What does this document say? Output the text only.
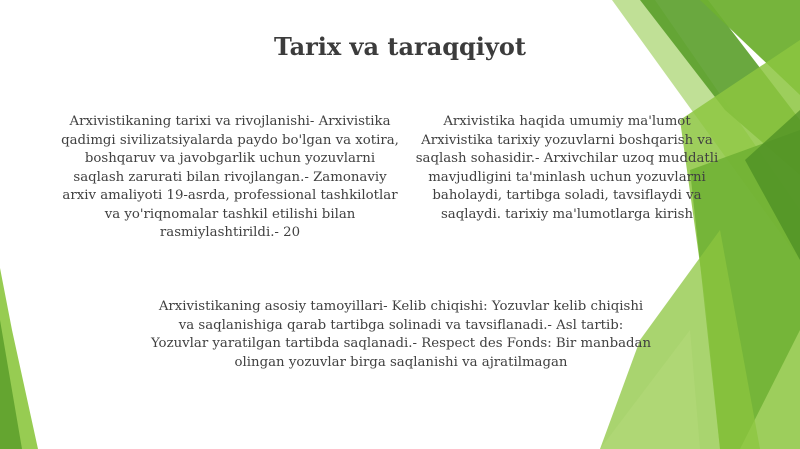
Tarix va taraqqiyot
Arxivistikaning tarixi va rivojlanishi- Arxivistika qadimgi sivilizatsiyalarda paydo bo'lgan va xotira, boshqaruv va javobgarlik uchun yozuvlarni saqlash zarurati bilan rivojlangan.- Zamonaviy arxiv amaliyoti 19-asrda, professional tashkilotlar va yo'riqnomalar tashkil etilishi bilan rasmiylashtirildi.- 20
Arxivistika haqida umumiy ma'lumot Arxivistika tarixiy yozuvlarni boshqarish va saqlash sohasidir.- Arxivchilar uzoq muddatli mavjudligini ta'minlash uchun yozuvlarni baholaydi, tartibga soladi, tavsiflaydi va saqlaydi. tarixiy ma'lumotlarga kirish
Arxivistikaning asosiy tamoyillari- Kelib chiqishi: Yozuvlar kelib chiqishi va saqlanishiga qarab tartibga solinadi va tavsiflanadi.- Asl tartib: Yozuvlar yaratilgan tartibda saqlanadi.- Respect des Fonds: Bir manbadan olingan yozuvlar birga saqlanishi va ajratilmagan
